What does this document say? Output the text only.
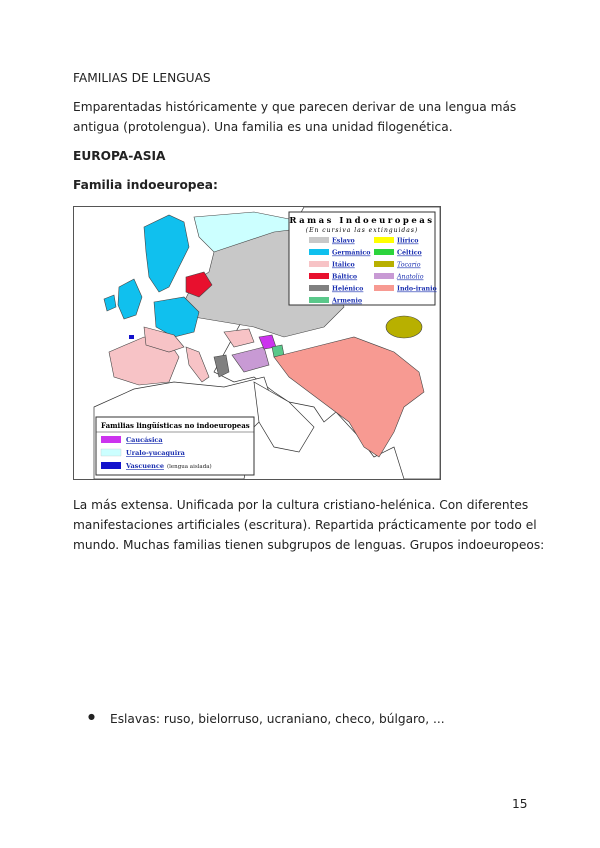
FAMILIAS DE LENGUAS

Emparentadas históricamente y que parecen derivar de una lengua más

antigua (protolengua). Una familia es una unidad filogenética.

EUROPA-ASIA

Familia indoeuropea:

Ramas Indoeuropeas
(En cursiva las extinguidas)
Eslavo
Germánico
Itálico
Báltico
Helénico
Armenio
Ilírico
Céltico
Tocario
Anatolio
Indo-iranio
Familias lingüísticas no indoeuropeas
Caucásica
Uralo-yucaguira
Vascuence (lengua aislada)

La más extensa. Unificada por la cultura cristiano-helénica. Con diferentes

manifestaciones artificiales (escritura). Repartida prácticamente por todo el

mundo. Muchas familias tienen subgrupos de lenguas. Grupos indoeuropeos:

● Eslavas: ruso, bielorruso, ucraniano, checo, búlgaro, ...
15
